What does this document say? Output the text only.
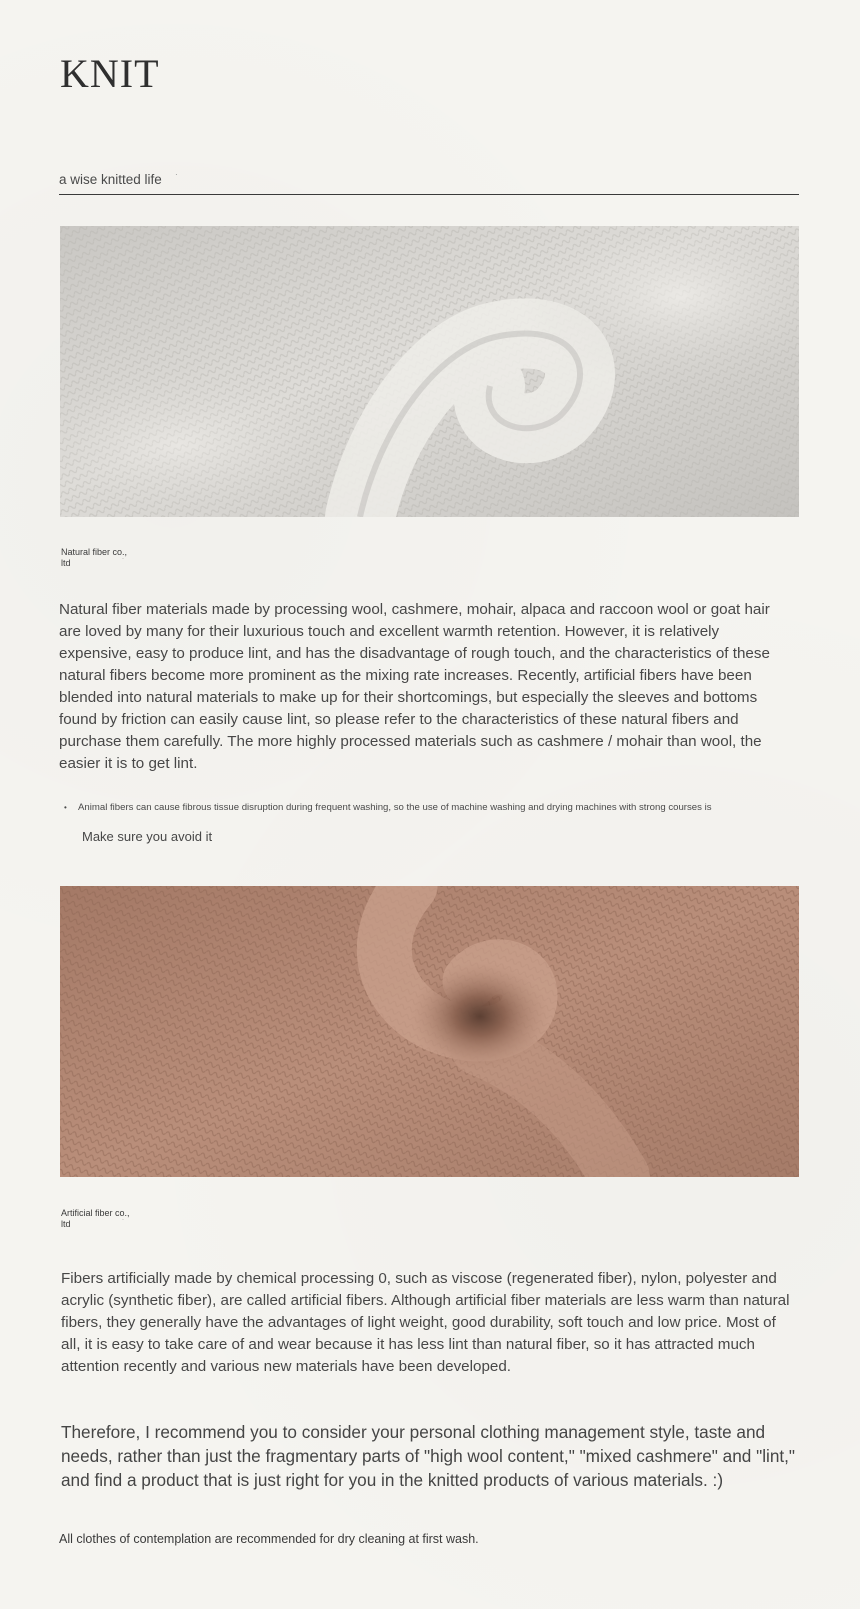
KNIT
a wise knitted life ·
Natural fiber co., ltd	·

Natural fiber materials made by processing wool, cashmere, mohair, alpaca and raccoon wool or goat hair are loved by many for their luxurious touch and excellent warmth retention. However, it is relatively expensive, easy to produce lint, and has the disadvantage of rough touch, and the characteristics of these natural fibers become more prominent as the mixing rate increases. Recently, artificial fibers have been blended into natural materials to make up for their shortcomings, but especially the sleeves and bottoms found by friction can easily cause lint, so please refer to the characteristics of these natural fibers and purchase them carefully. The more highly processed materials such as cashmere / mohair than wool, the easier it is to get lint.

• Animal fibers can cause fibrous tissue disruption during frequent washing, so the use of machine washing and drying machines with strong courses is
Make sure you avoid it
Artificial fiber co., ltd	·

Fibers artificially made by chemical processing 0, such as viscose (regenerated fiber), nylon, polyester and acrylic (synthetic fiber), are called artificial fibers. Although artificial fiber materials are less warm than natural fibers, they generally have the advantages of light weight, good durability, soft touch and low price. Most of all, it is easy to take care of and wear because it has less lint than natural fiber, so it has attracted much attention recently and various new materials have been developed.

Therefore, I recommend you to consider your personal clothing management style, taste and needs, rather than just the fragmentary parts of "high wool content," "mixed cashmere" and "lint," and find a product that is just right for you in the knitted products of various materials. :)

All clothes of contemplation are recommended for dry cleaning at first wash.
